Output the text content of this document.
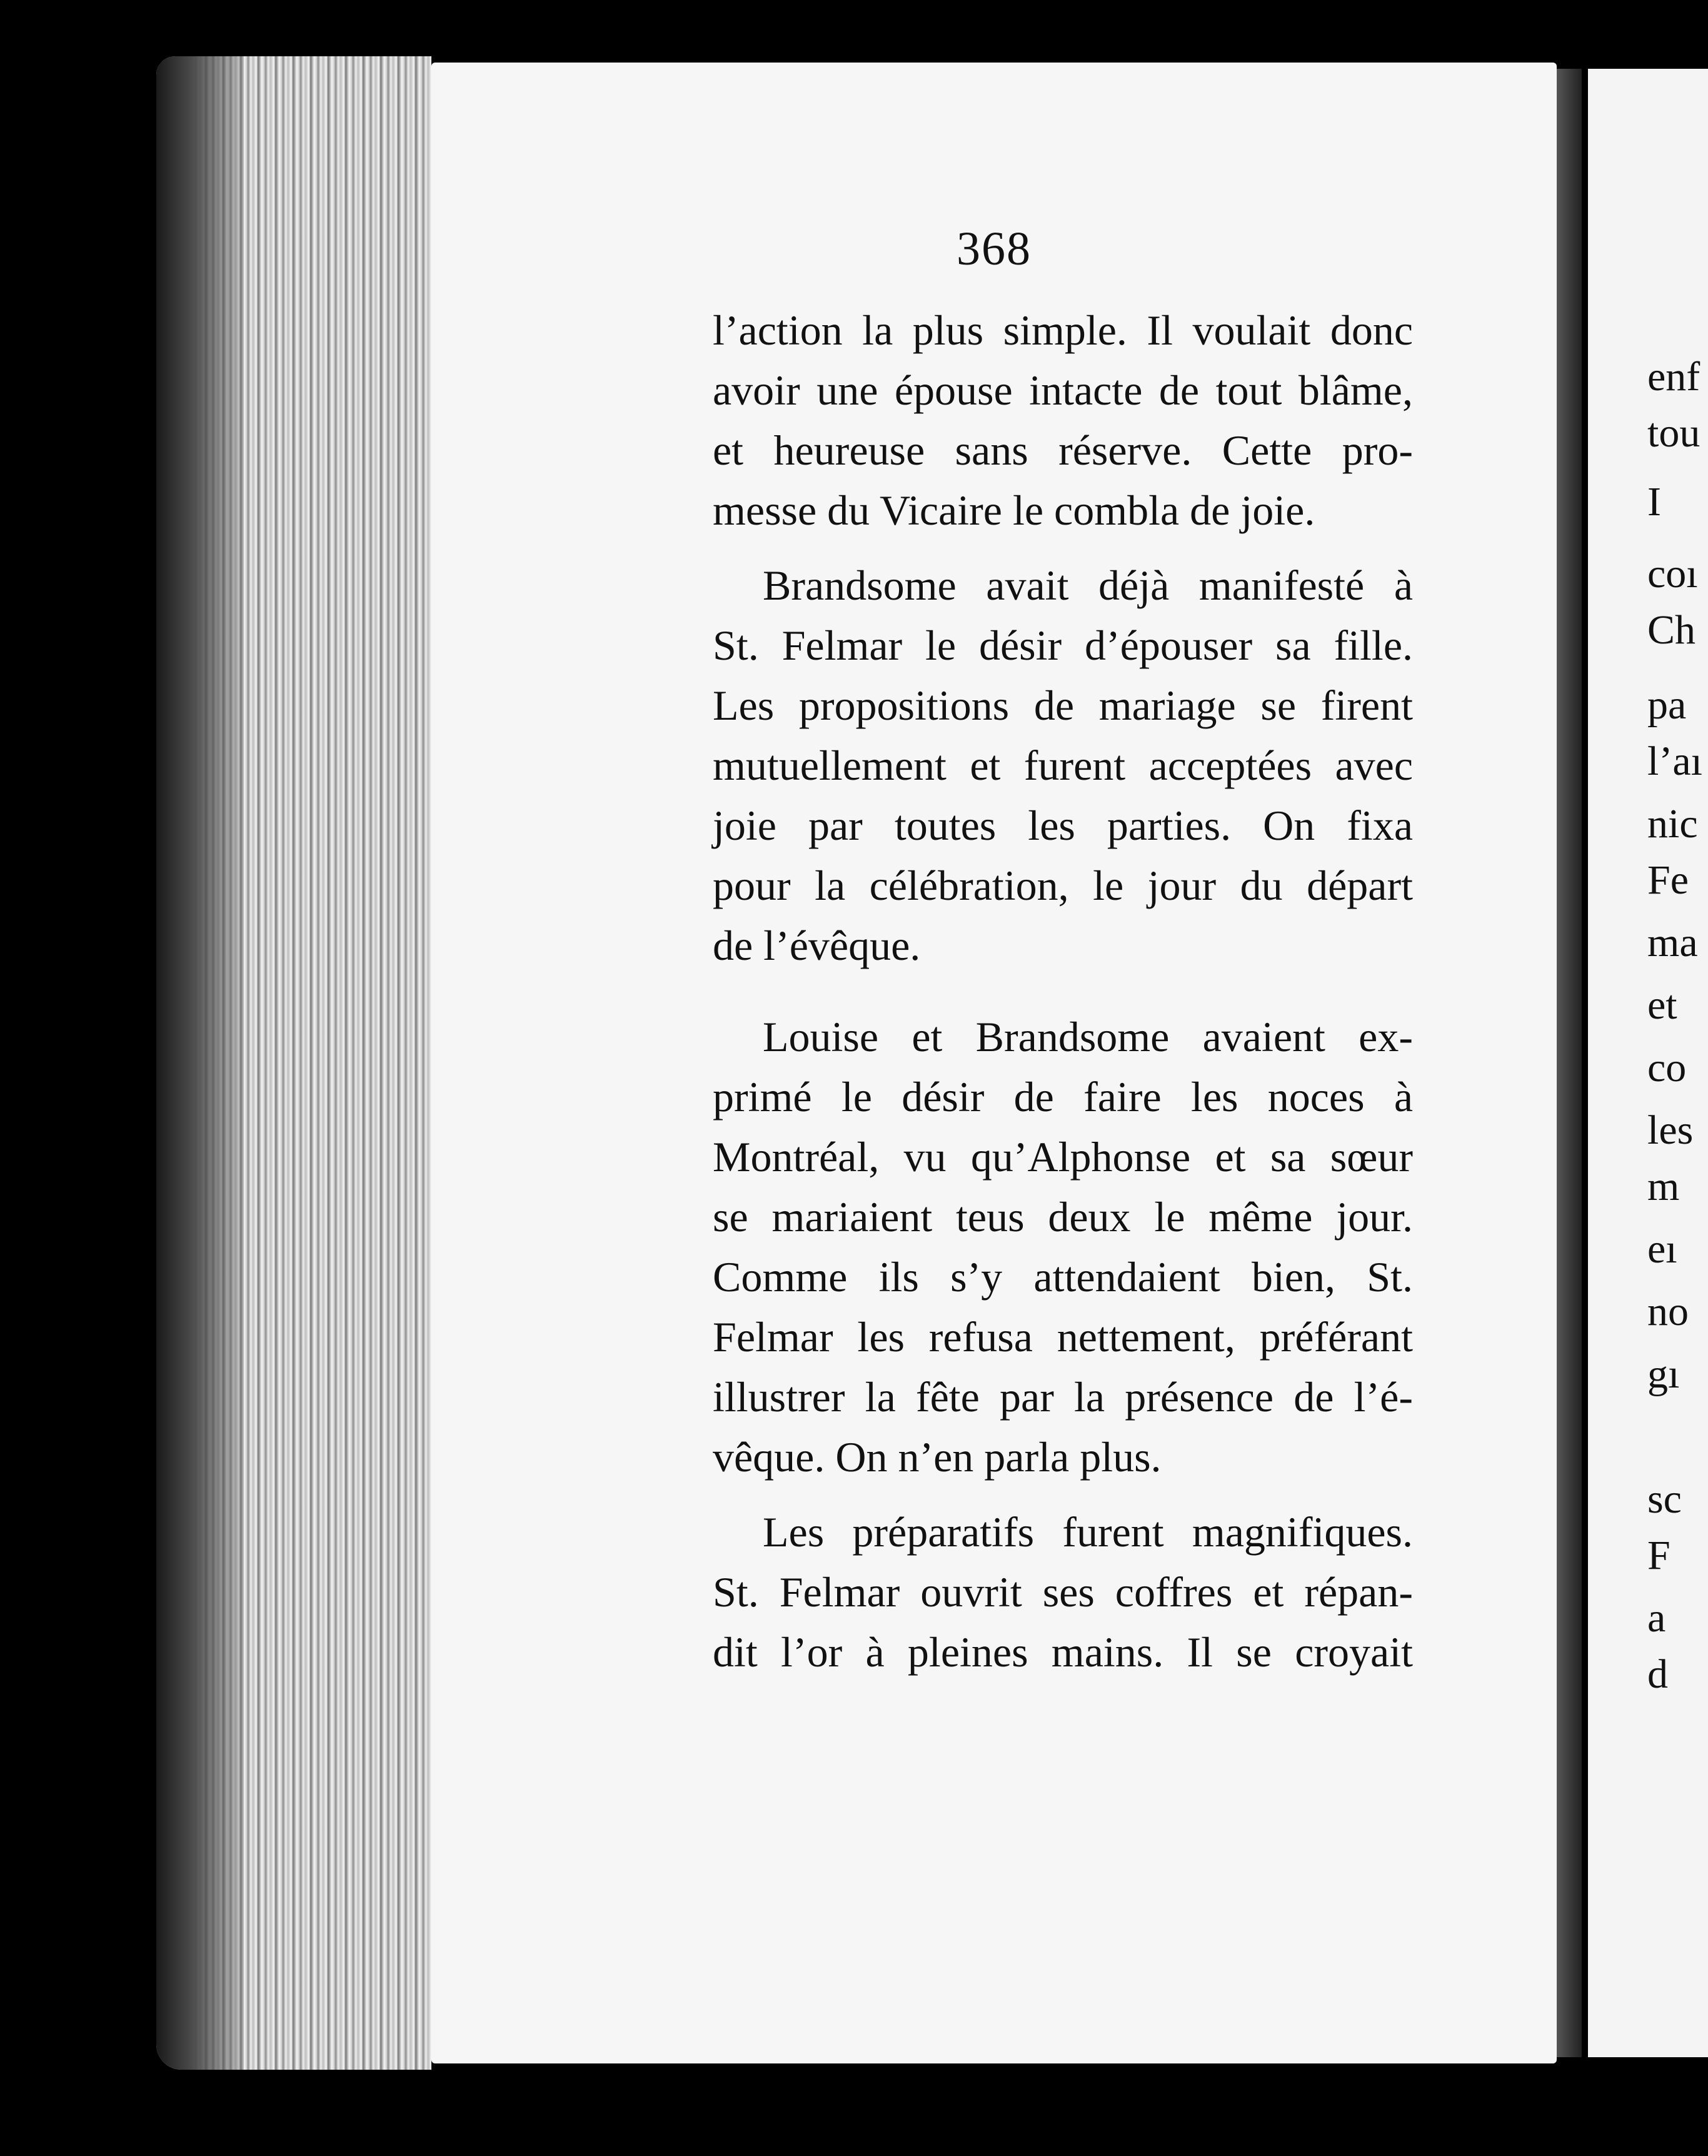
368
l’action la plus simple. Il voulait donc
avoir une épouse intacte de tout blâme,
et heureuse sans réserve. Cette pro-
messe du Vicaire le combla de joie.
Brandsome avait déjà manifesté à
St. Felmar le désir d’épouser sa fille.
Les propositions de mariage se firent
mutuellement et furent acceptées avec
joie par toutes les parties. On fixa
pour la célébration, le jour du départ
de l’évêque.
Louise et Brandsome avaient ex-
primé le désir de faire les noces à
Montréal, vu qu’Alphonse et sa sœur
se mariaient teus deux le même jour.
Comme ils s’y attendaient bien, St.
Felmar les refusa nettement, préférant
illustrer la fête par la présence de l’é-
vêque. On n’en parla plus.
Les préparatifs furent magnifiques.
St. Felmar ouvrit ses coffres et répan-
dit l’or à pleines mains. Il se croyait
enf
tou
I
coı
Ch
pa
l’aı
nic
Fe
ma
et
co
les
m
eı
no
gı
sc
F
a
d
